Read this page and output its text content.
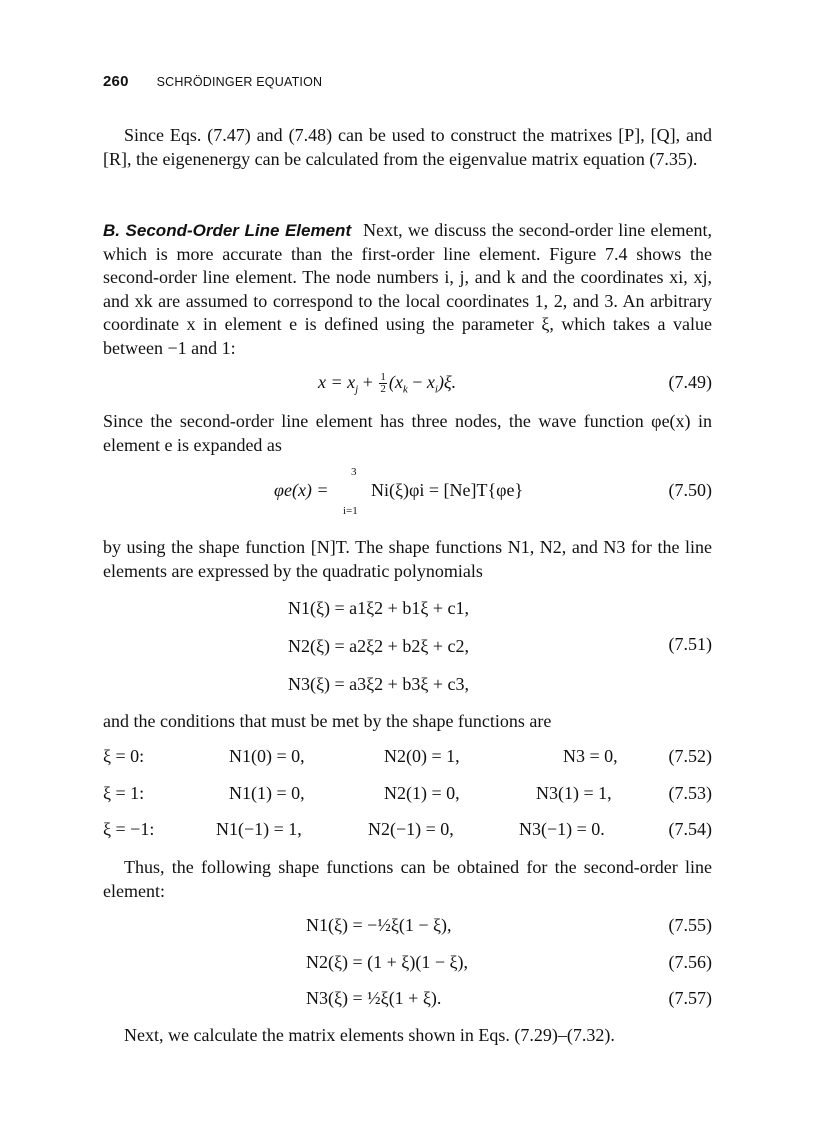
260 SCHRÖDINGER EQUATION
Since Eqs. (7.47) and (7.48) can be used to construct the matrixes [P], [Q], and [R], the eigenenergy can be calculated from the eigenvalue matrix equation (7.35).
B. Second-Order Line Element Next, we discuss the second-order line element, which is more accurate than the first-order line element. Figure 7.4 shows the second-order line element. The node numbers i, j, and k and the coordinates xi, xj, and xk are assumed to correspond to the local coordinates 1, 2, and 3. An arbitrary coordinate x in element e is defined using the parameter ξ, which takes a value between −1 and 1:
$x = x_j + \frac{1}{2} (x_k - x_i)\xi$.	(7.49)
Since the second-order line element has three nodes, the wave function φe(x) in element e is expanded as
φe(x) =
3
i=1
Ni(ξ)φi = [Ne]T{φe}	(7.50)
by using the shape function [N]T. The shape functions N1, N2, and N3 for the line elements are expressed by the quadratic polynomials
N1(ξ) = a1ξ2 + b1ξ + c1,
N2(ξ) = a2ξ2 + b2ξ + c2,
N3(ξ) = a3ξ2 + b3ξ + c3,
(7.51)
and the conditions that must be met by the shape functions are
ξ = 0:	N1(0) = 0,	N2(0) = 1,	N3 = 0,	(7.52)
ξ = 1:	N1(1) = 0,	N2(1) = 0,	N3(1) = 1,	(7.53)
ξ = −1:	N1(−1) = 1,	N2(−1) = 0,	N3(−1) = 0.	(7.54)
Thus, the following shape functions can be obtained for the second-order line element:
N1(ξ) = −½ξ(1 − ξ),	(7.55)
N2(ξ) = (1 + ξ)(1 − ξ),	(7.56)
N3(ξ) = ½ξ(1 + ξ).	(7.57)
Next, we calculate the matrix elements shown in Eqs. (7.29)–(7.32).
